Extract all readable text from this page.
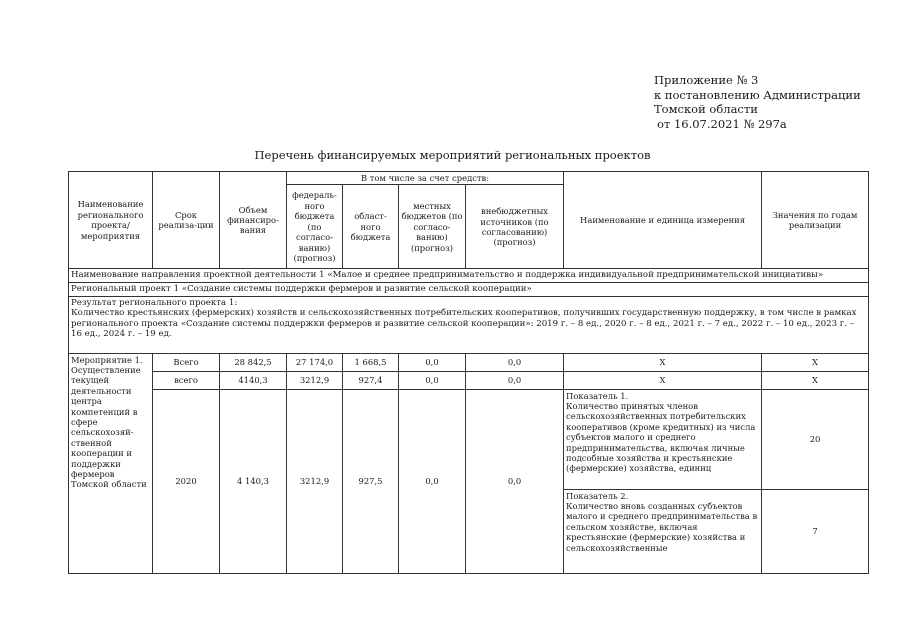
Приложение № 3
к постановлению Администрации
Томской области
от 16.07.2021 № 297а
Перечень финансируемых мероприятий региональных проектов
Наименование регионального проекта/ мероприятия	Срок реализа-ции	Объем финансиро-вания	В том числе за счет средств:				Наименование и единица измерения	Значения по годам реализации
			федераль-ного бюджета (по согласо-ванию) (прогноз)	област-ного бюджета	местных бюджетов (по согласо-ванию) (прогноз)	внебюджетных источников (по согласованию) (прогноз)		
Наименование направления проектной деятельности 1 «Малое и среднее предпринимательство и поддержка индивидуальной предпринимательской инициативы»								
Региональный проект 1 «Создание системы поддержки фермеров и развитие сельской кооперации»								
Результат регионального проекта 1:
Количество крестьянских (фермерских) хозяйств и сельскохозяйственных потребительских кооперативов, получивших государственную поддержку, в том числе в рамках регионального проекта «Создание системы поддержки фермеров и развитие сельской кооперации»: 2019 г. – 8 ед., 2020 г. – 8 ед., 2021 г. – 7 ед., 2022 г. – 10 ед., 2023 г. – 16 ед., 2024 г. – 19 ед.								
Мероприятие 1.
Осуществление текущей деятельности центра компетенций в сфере сельскохозяй-ственной кооперации и поддержки фермеров Томской области	Всего	28 842,5	27 174,0	1 668,5	0,0	0,0	Х	Х
	всего	4140,3	3212,9	927,4	0,0	0,0	Х	Х
	2020	4 140,3	3212,9	927,5	0,0	0,0	Показатель 1.
Количество принятых членов сельскохозяйственных потребительских кооперативов (кроме кредитных) из числа субъектов малого и среднего предпринимательства, включая личные подсобные хозяйства и крестьянские (фермерские) хозяйства, единиц	20
							Показатель 2.
Количество вновь созданных субъектов малого и среднего предпринимательства в сельском хозяйстве, включая крестьянские (фермерские) хозяйства и сельскохозяйственные	7
